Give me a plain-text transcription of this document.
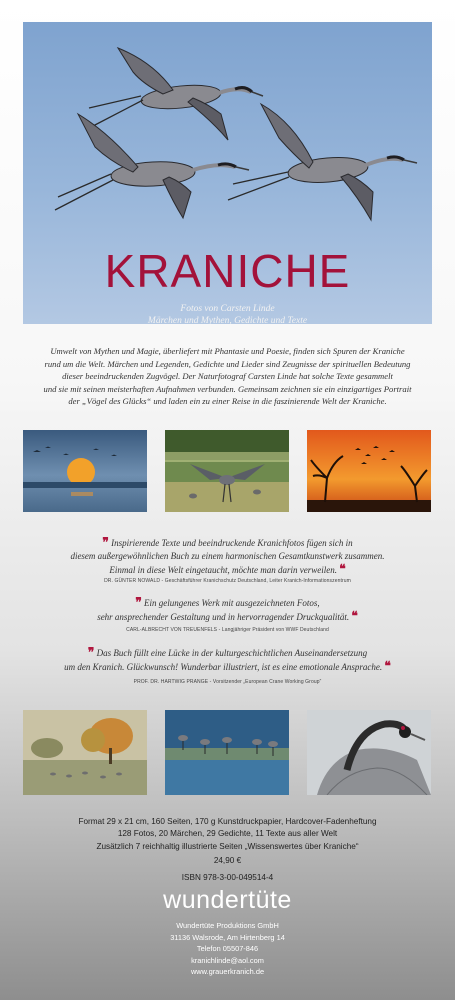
KRANICHE
Fotos von Carsten Linde
Märchen und Mythen, Gedichte und Texte
Umwelt von Mythen und Magie, überliefert mit Phantasie und Poesie, finden sich Spuren der Kraniche
rund um die Welt. Märchen und Legenden, Gedichte und Lieder sind Zeugnisse der spirituellen Bedeutung
dieser beeindruckenden Zugvögel. Der Naturfotograf Carsten Linde hat solche Texte gesammelt
und sie mit seinen meisterhaften Aufnahmen verbunden. Gemeinsam zeichnen sie ein einzigartiges Portrait
der „Vögel des Glücks“ und laden ein zu einer Reise in die faszinierende Welt der Kraniche.
❞ Inspirierende Texte und beeindruckende Kranichfotos fügen sich in
diesem außergewöhnlichen Buch zu einem harmonischen Gesamtkunstwerk zusammen.
Einmal in diese Welt eingetaucht, möchte man darin verweilen. ❝
DR. GÜNTER NOWALD - Geschäftsführer Kranichschutz Deutschland, Leiter Kranich-Informationszentrum
❞ Ein gelungenes Werk mit ausgezeichneten Fotos,
sehr ansprechender Gestaltung und in hervorragender Druckqualität. ❝
CARL-ALBRECHT VON TREUENFELS - Langjähriger Präsident von WWF Deutschland
❞ Das Buch füllt eine Lücke in der kulturgeschichtlichen Auseinandersetzung
um den Kranich. Glückwunsch! Wunderbar illustriert, ist es eine emotionale Ansprache. ❝
PROF. DR. HARTWIG PRANGE - Vorsitzender „European Crane Working Group“
Format 29 x 21 cm, 160 Seiten, 170 g Kunstdruckpapier, Hardcover-Fadenheftung
128 Fotos, 20 Märchen, 29 Gedichte, 11 Texte aus aller Welt
Zusätzlich 7 reichhaltig illustrierte Seiten „Wissenswertes über Kraniche“
24,90 €
ISBN 978-3-00-049514-4
wundertüte
Wundertüte Produktions GmbH
31136 Walsrode, Am Hirtenberg 14
Telefon 05507-846
kranichlinde@aol.com
www.grauerkranich.de
